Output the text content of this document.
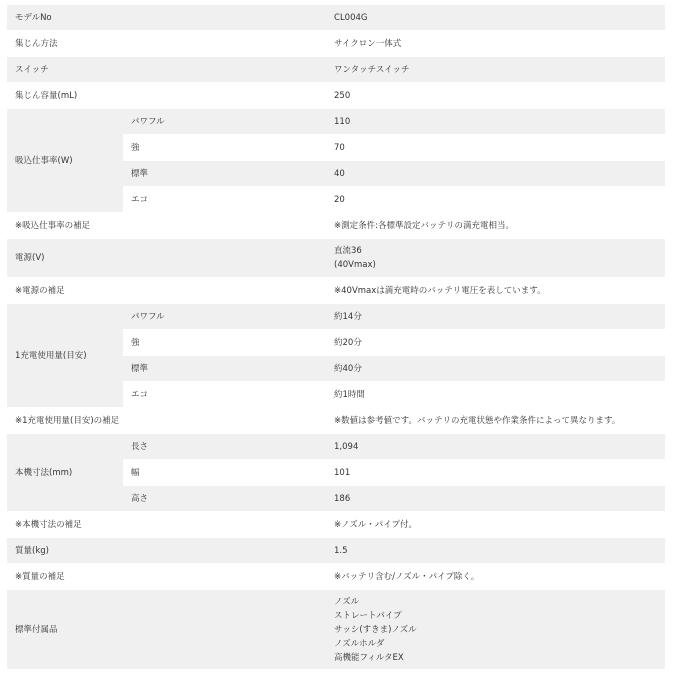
モデルNo		CL004G
集じん方法		サイクロン一体式
スイッチ		ワンタッチスイッチ
集じん容量(mL)		250
吸込仕事率(W)	パワフル	110
	強	70
	標準	40
	エコ	20
※吸込仕事率の補足		※測定条件:各標準設定バッテリの満充電相当。
電源(V)		直流36
(40Vmax)

※電源の補足		※40Vmaxは満充電時のバッテリ電圧を表しています。
1充電使用量(目安)	パワフル	約14分
	強	約20分
	標準	約40分
	エコ	約1時間
※1充電使用量(目安)の補足		※数値は参考値です。バッテリの充電状態や作業条件によって異なります。
本機寸法(mm)	長さ	1,094
	幅	101
	高さ	186
※本機寸法の補足		※ノズル・パイプ付。
質量(kg)		1.5
※質量の補足		※バッテリ含む/ノズル・パイプ除く。
標準付属品		ノズル
ストレートパイプ
サッシ(すきま)ノズル
ノズルホルダ
高機能フィルタEX
